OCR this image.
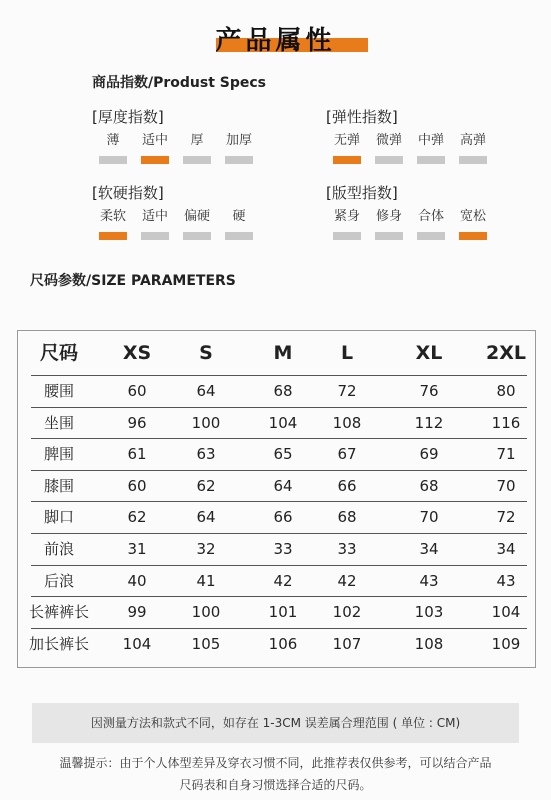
产品属性
商品指数/Produst Specs
[厚度指数]
薄 适中 厚 加厚
[弹性指数]
无弹 微弹 中弹 高弹
[软硬指数]
柔软 适中 偏硬 硬
[版型指数]
紧身 修身 合体 宽松
尺码参数/SIZE PARAMETERS
尺码	XS	S	M	L	XL	2XL
腰围	60	64	68	72	76	80
坐围	96	100	104	108	112	116
脾围	61	63	65	67	69	71
膝围	60	62	64	66	68	70
脚口	62	64	66	68	70	72
前浪	31	32	33	33	34	34
后浪	40	41	42	42	43	43
长裤裤长	99	100	101	102	103	104
加长裤长	104	105	106	107	108	109
因测量方法和款式不同，如存在 1-3CM 误差属合理范围 ( 单位 : CM)
温馨提示：由于个人体型差异及穿衣习惯不同，此推荐表仅供参考，可以结合产品
尺码表和自身习惯选择合适的尺码。
